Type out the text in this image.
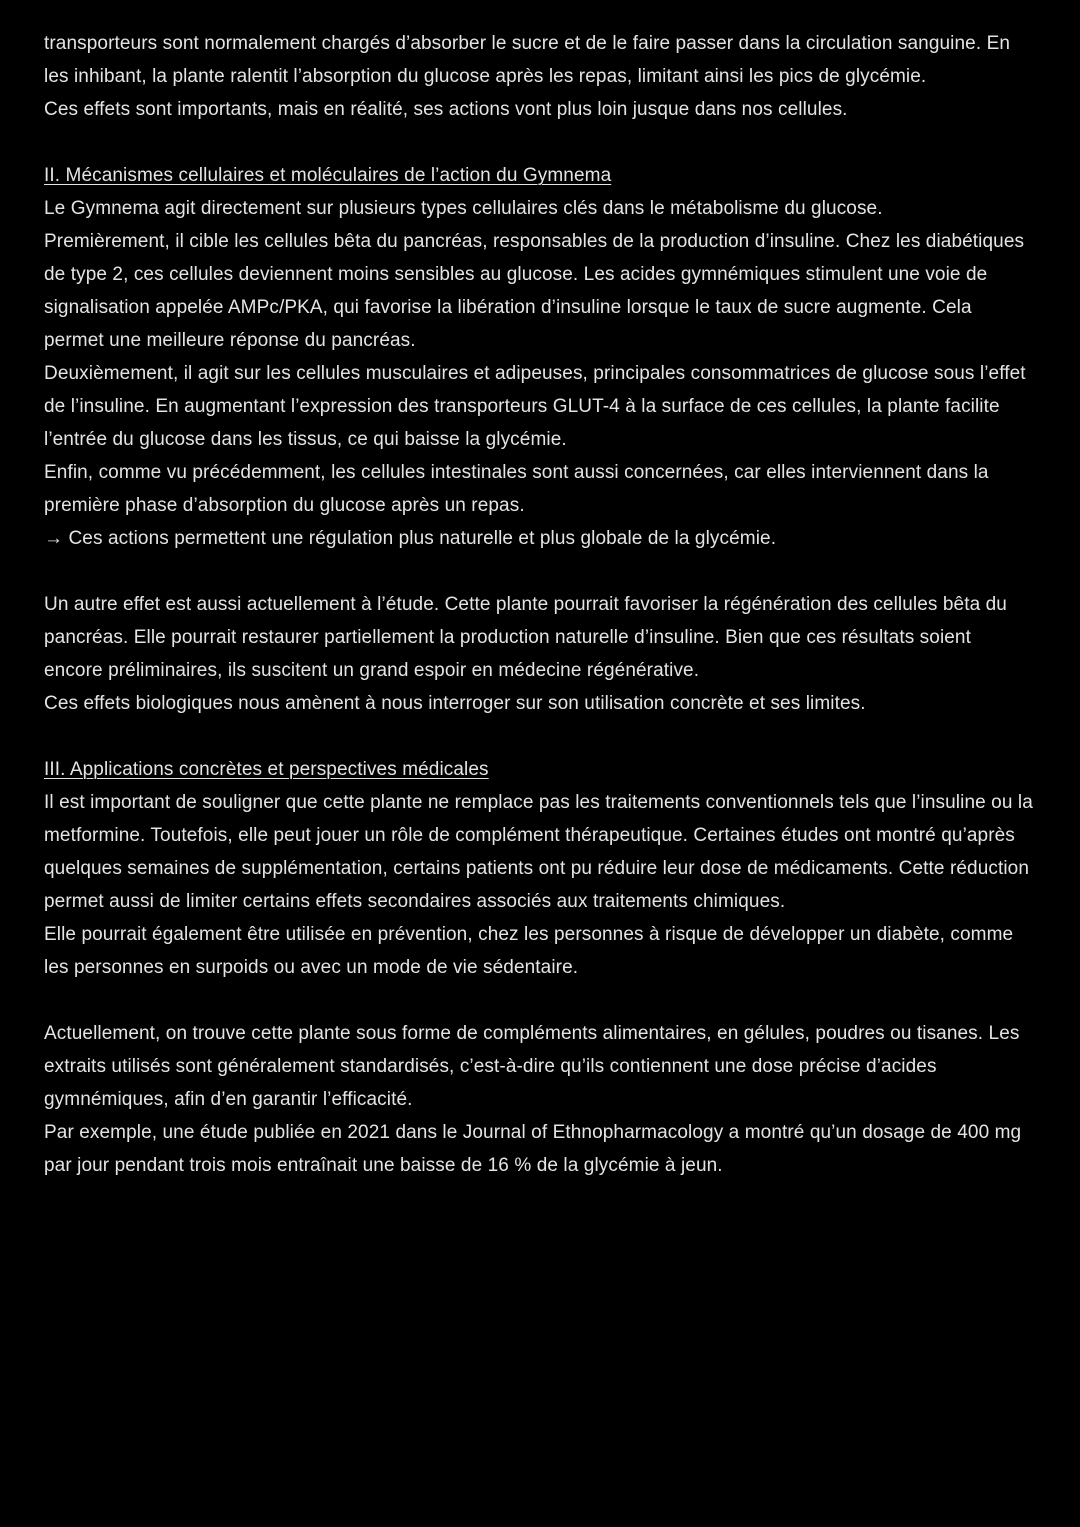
transporteurs sont normalement chargés d’absorber le sucre et de le faire passer dans la circulation sanguine. En les inhibant, la plante ralentit l’absorption du glucose après les repas, limitant ainsi les pics de glycémie.

Ces effets sont importants, mais en réalité, ses actions vont plus loin jusque dans nos cellules.

II. Mécanismes cellulaires et moléculaires de l’action du Gymnema

Le Gymnema agit directement sur plusieurs types cellulaires clés dans le métabolisme du glucose.

Premièrement, il cible les cellules bêta du pancréas, responsables de la production d’insuline. Chez les diabétiques de type 2, ces cellules deviennent moins sensibles au glucose. Les acides gymnémiques stimulent une voie de signalisation appelée AMPc/PKA, qui favorise la libération d’insuline lorsque le taux de sucre augmente. Cela permet une meilleure réponse du pancréas.

Deuxièmement, il agit sur les cellules musculaires et adipeuses, principales consommatrices de glucose sous l’effet de l’insuline. En augmentant l’expression des transporteurs GLUT-4 à la surface de ces cellules, la plante facilite l’entrée du glucose dans les tissus, ce qui baisse la glycémie.

Enfin, comme vu précédemment, les cellules intestinales sont aussi concernées, car elles interviennent dans la première phase d’absorption du glucose après un repas.

→ Ces actions permettent une régulation plus naturelle et plus globale de la glycémie.

Un autre effet est aussi actuellement à l’étude. Cette plante pourrait favoriser la régénération des cellules bêta du pancréas. Elle pourrait restaurer partiellement la production naturelle d’insuline. Bien que ces résultats soient encore préliminaires, ils suscitent un grand espoir en médecine régénérative.

Ces effets biologiques nous amènent à nous interroger sur son utilisation concrète et ses limites.

III. Applications concrètes et perspectives médicales

Il est important de souligner que cette plante ne remplace pas les traitements conventionnels tels que l’insuline ou la metformine. Toutefois, elle peut jouer un rôle de complément thérapeutique. Certaines études ont montré qu’après quelques semaines de supplémentation, certains patients ont pu réduire leur dose de médicaments. Cette réduction permet aussi de limiter certains effets secondaires associés aux traitements chimiques.

Elle pourrait également être utilisée en prévention, chez les personnes à risque de développer un diabète, comme les personnes en surpoids ou avec un mode de vie sédentaire.

Actuellement, on trouve cette plante sous forme de compléments alimentaires, en gélules, poudres ou tisanes. Les extraits utilisés sont généralement standardisés, c’est-à-dire qu’ils contiennent une dose précise d’acides gymnémiques, afin d’en garantir l’efficacité.

Par exemple, une étude publiée en 2021 dans le Journal of Ethnopharmacology a montré qu’un dosage de 400 mg par jour pendant trois mois entraînait une baisse de 16 % de la glycémie à jeun.
